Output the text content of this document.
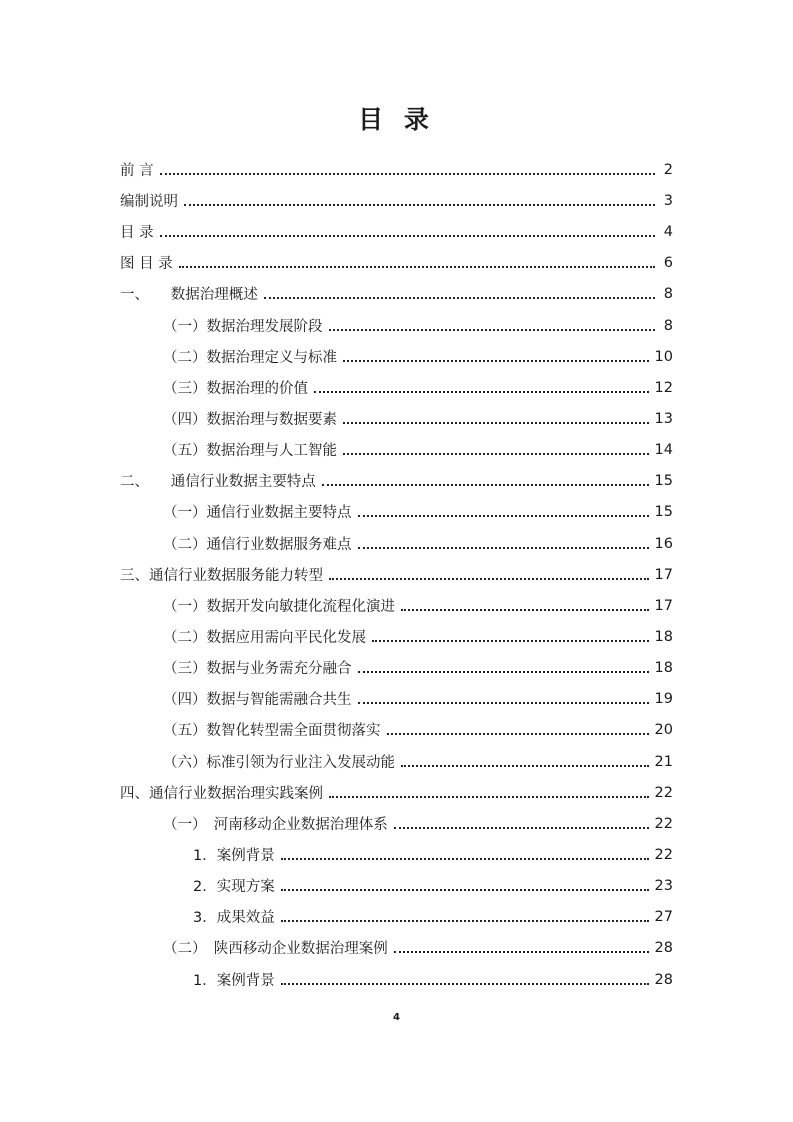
目 录
前 言	2
编制说明	3
目 录	4
图 目 录	6
一、　　数据治理概述	8
（一）数据治理发展阶段	8
（二）数据治理定义与标准	10
（三）数据治理的价值	12
（四）数据治理与数据要素	13
（五）数据治理与人工智能	14
二、　　通信行业数据主要特点	15
（一）通信行业数据主要特点	15
（二）通信行业数据服务难点	16
三、通信行业数据服务能力转型	17
（一）数据开发向敏捷化流程化演进	17
（二）数据应用需向平民化发展	18
（三）数据与业务需充分融合	18
（四）数据与智能需融合共生	19
（五）数智化转型需全面贯彻落实	20
（六）标准引领为行业注入发展动能	21
四、通信行业数据治理实践案例	22
（一）　河南移动企业数据治理体系	22
1．案例背景	22
2．实现方案	23
3．成果效益	27
（二）　陕西移动企业数据治理案例	28
1．案例背景	28
4
